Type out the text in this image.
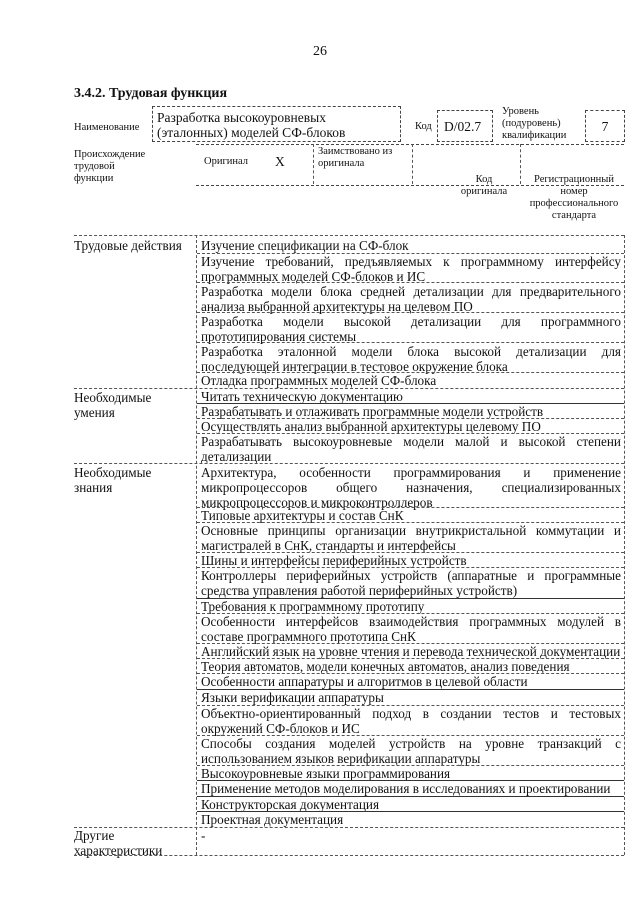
26
3.4.2. Трудовая функция
Наименование
Разработка высокоуровневых (эталонных) моделей СФ-блоков	Код D/02.7
Уровень (подуровень) квалификации
7
Происхождение трудовой функции
Оригинал X
Заимствовано из оригинала
Код оригинала
Регистрационный номер профессионального стандарта
Трудовые действия Изучение спецификации на СФ-блок
Изучение требований, предъявляемых к программному интерфейсу программных моделей СФ-блоков и ИС
Разработка модели блока средней детализации для предварительного анализа выбранной архитектуры на целевом ПО
Разработка модели высокой детализации для программного прототипирования системы
Разработка эталонной модели блока высокой детализации для последующей интеграции в тестовое окружение блока
Отладка программных моделей СФ-блока
Необходимые умения
Читать техническую документацию
Разрабатывать и отлаживать программные модели устройств
Осуществлять анализ выбранной архитектуры целевому ПО
Разрабатывать высокоуровневые модели малой и высокой степени детализации
Необходимые знания
Архитектура, особенности программирования и применение микропроцессоров общего назначения, специализированных микропроцессоров и микроконтроллеров
Типовые архитектуры и состав СнК
Основные принципы организации внутрикристальной коммутации и магистралей в СнК, стандарты и интерфейсы
Шины и интерфейсы периферийных устройств
Контроллеры периферийных устройств (аппаратные и программные средства управления работой периферийных устройств)
Требования к программному прототипу
Особенности интерфейсов взаимодействия программных модулей в составе программного прототипа СнК
Английский язык на уровне чтения и перевода технической документации
Теория автоматов, модели конечных автоматов, анализ поведения
Особенности аппаратуры и алгоритмов в целевой области
Языки верификации аппаратуры
Объектно-ориентированный подход в создании тестов и тестовых окружений СФ-блоков и ИС
Способы создания моделей устройств на уровне транзакций с использованием языков верификации аппаратуры
Высокоуровневые языки программирования
Применение методов моделирования в исследованиях и проектировании
Конструкторская документация
Проектная документация
Другие характеристики
-
